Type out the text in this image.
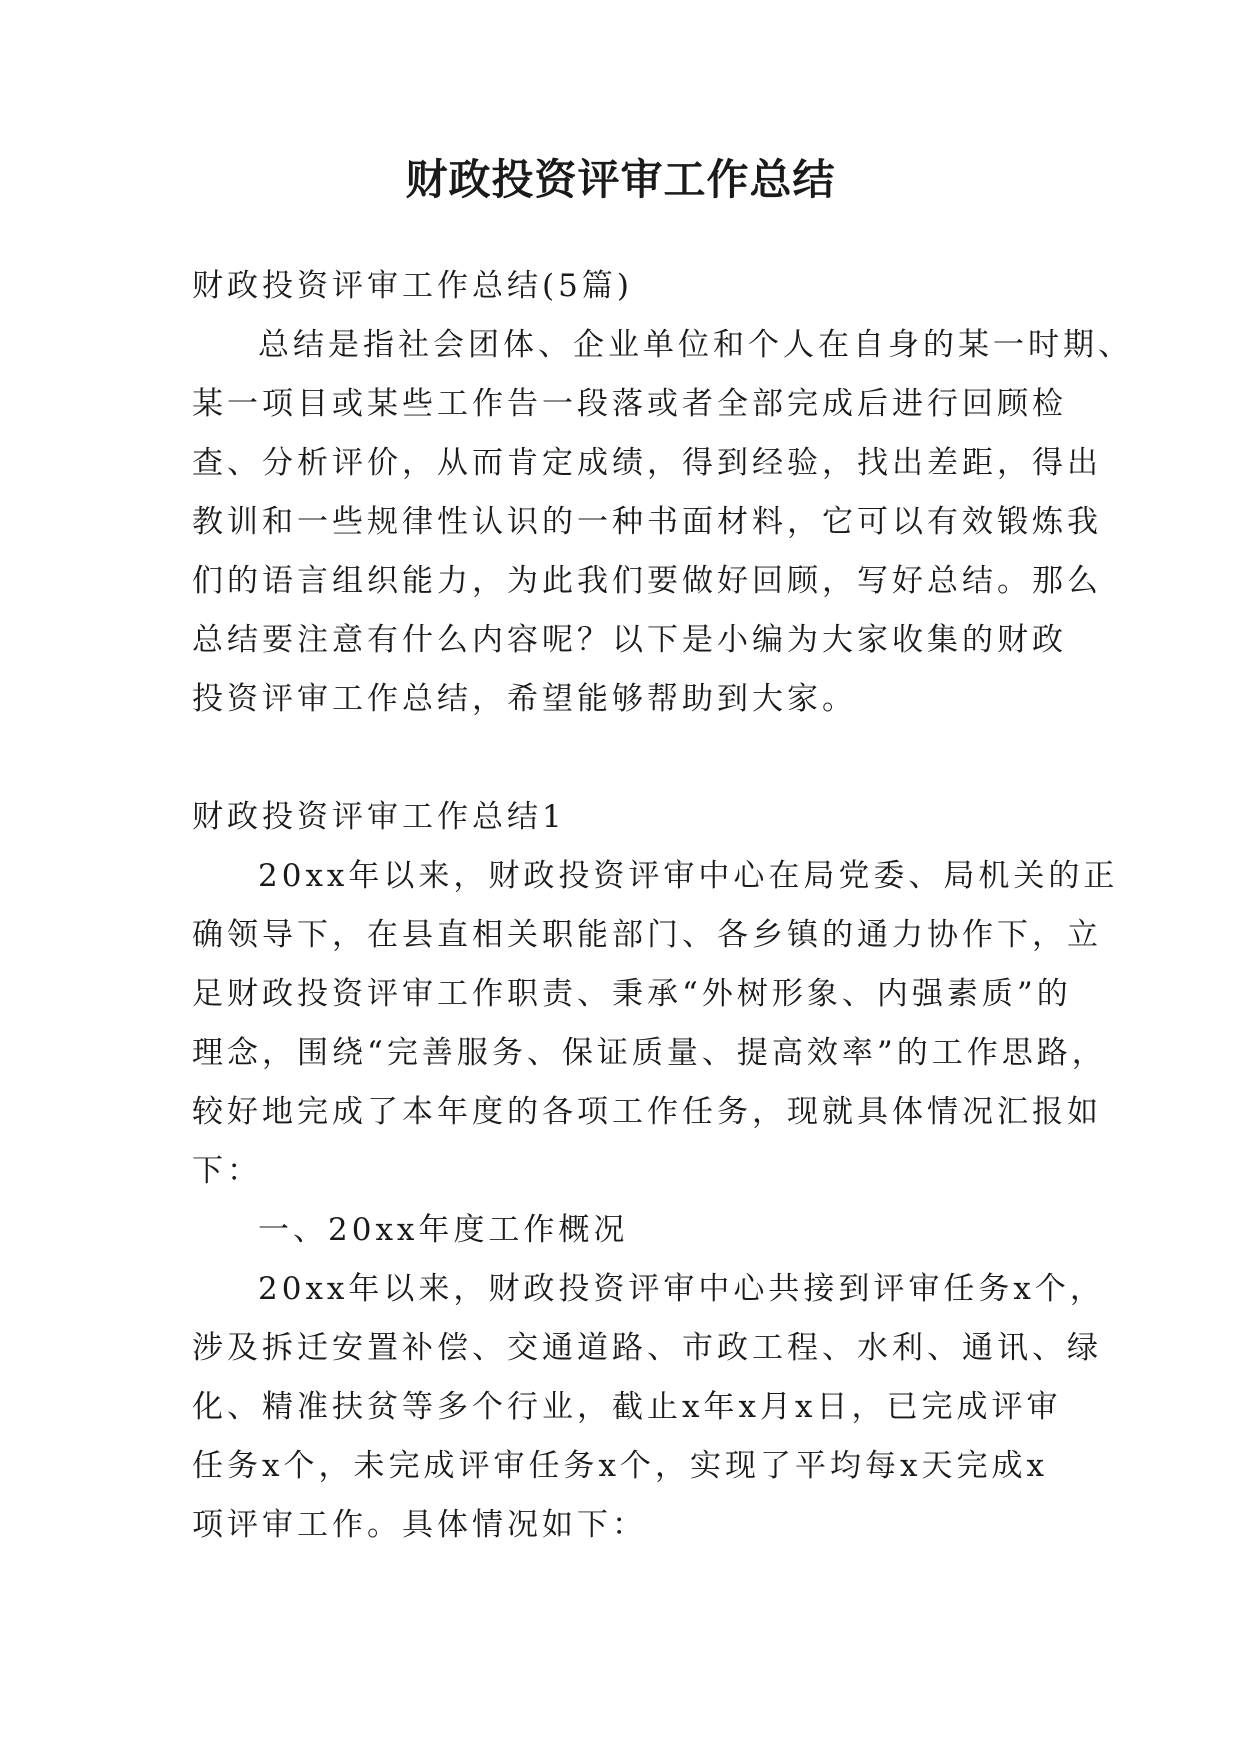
财政投资评审工作总结
财政投资评审工作总结(5篇)
总结是指社会团体、企业单位和个人在自身的某一时期、
某一项目或某些工作告一段落或者全部完成后进行回顾检
查、分析评价，从而肯定成绩，得到经验，找出差距，得出
教训和一些规律性认识的一种书面材料，它可以有效锻炼我
们的语言组织能力，为此我们要做好回顾，写好总结。那么
总结要注意有什么内容呢？以下是小编为大家收集的财政
投资评审工作总结，希望能够帮助到大家。
财政投资评审工作总结1
20xx年以来，财政投资评审中心在局党委、局机关的正
确领导下，在县直相关职能部门、各乡镇的通力协作下，立
足财政投资评审工作职责、秉承“外树形象、内强素质”的
理念，围绕“完善服务、保证质量、提高效率”的工作思路，
较好地完成了本年度的各项工作任务，现就具体情况汇报如
下：
一、20xx年度工作概况
20xx年以来，财政投资评审中心共接到评审任务x个，
涉及拆迁安置补偿、交通道路、市政工程、水利、通讯、绿
化、精准扶贫等多个行业，截止x年x月x日，已完成评审
任务x个，未完成评审任务x个，实现了平均每x天完成x
项评审工作。具体情况如下：
